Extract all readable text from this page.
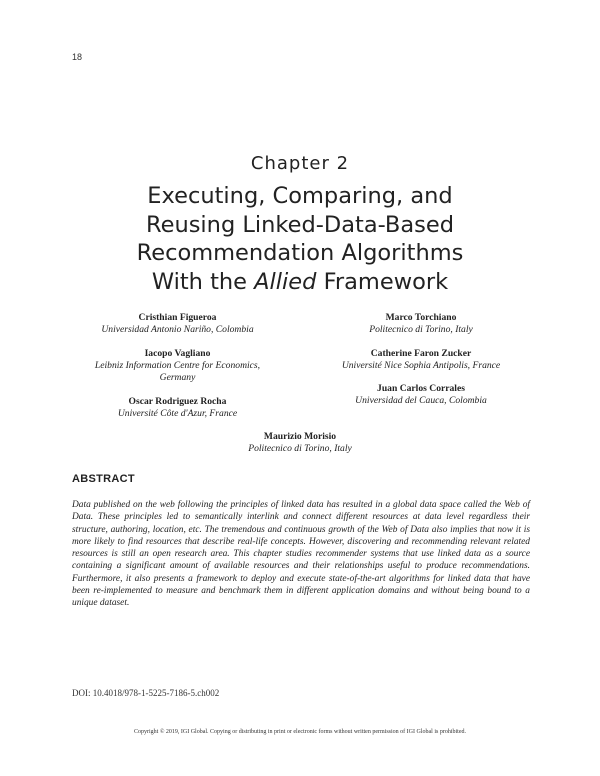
18
Chapter 2
Executing, Comparing, and
Reusing Linked-Data-Based
Recommendation Algorithms
With the Allied Framework
Cristhian Figueroa
Universidad Antonio Nariño, Colombia
Iacopo Vagliano
Leibniz Information Centre for Economics,
Germany
Oscar Rodriguez Rocha
Université Côte d'Azur, France
Marco Torchiano
Politecnico di Torino, Italy
Catherine Faron Zucker
Université Nice Sophia Antipolis, France
Juan Carlos Corrales
Universidad del Cauca, Colombia
Maurizio Morisio
Politecnico di Torino, Italy
ABSTRACT
Data published on the web following the principles of linked data has resulted in a global data space called the Web of Data. These principles led to semantically interlink and connect different resources at data level regardless their structure, authoring, location, etc. The tremendous and continuous growth of the Web of Data also implies that now it is more likely to find resources that describe real-life concepts. However, discovering and recommending relevant related resources is still an open research area. This chapter studies recommender systems that use linked data as a source containing a significant amount of available resources and their relationships useful to produce recommendations. Furthermore, it also presents a framework to deploy and execute state-of-the-art algorithms for linked data that have been re-implemented to measure and benchmark them in different application domains and without being bound to a unique dataset.
DOI: 10.4018/978-1-5225-7186-5.ch002
Copyright © 2019, IGI Global. Copying or distributing in print or electronic forms without written permission of IGI Global is prohibited.
